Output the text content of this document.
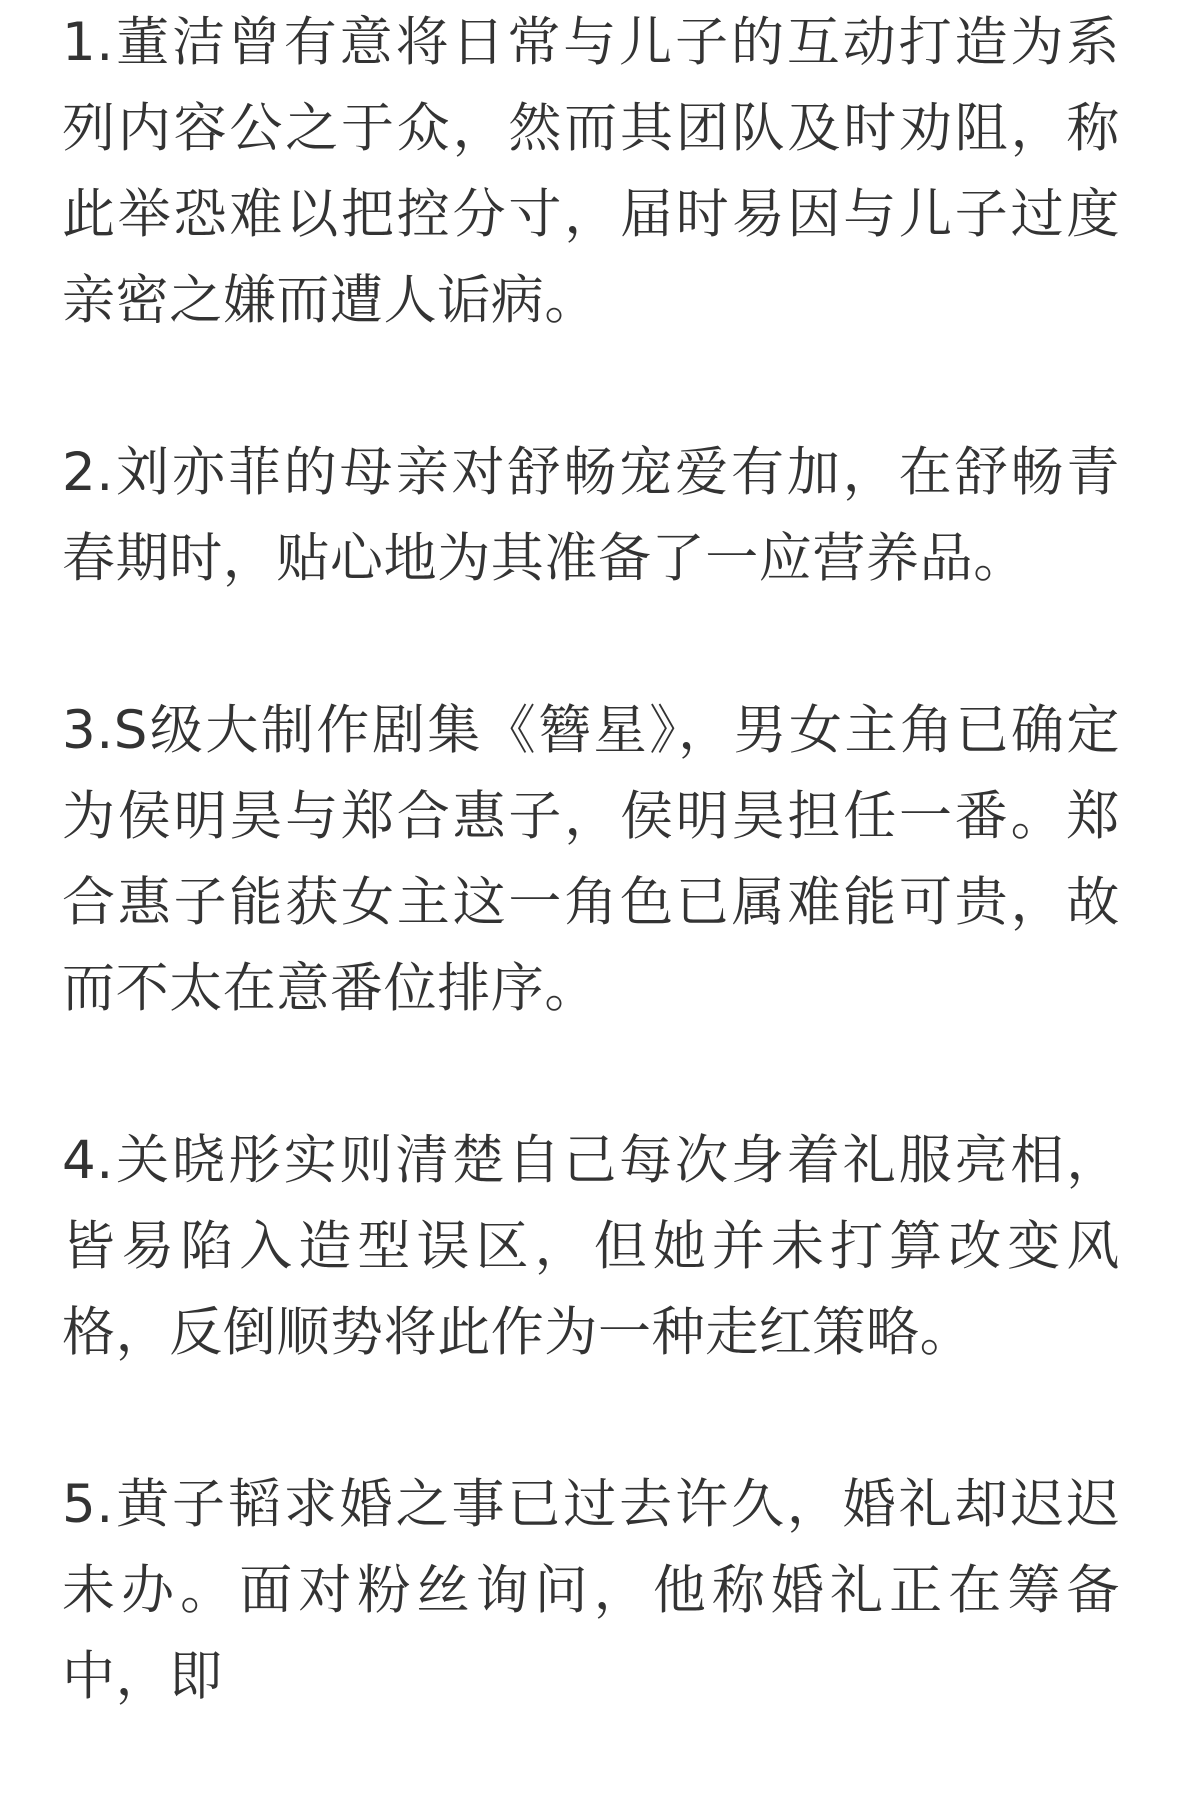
1.董洁曾有意将日常与儿子的互动打造为系列内容公之于众，然而其团队及时劝阻，称此举恐难以把控分寸，届时易因与儿子过度亲密之嫌而遭人诟病。

2.刘亦菲的母亲对舒畅宠爱有加，在舒畅青春期时，贴心地为其准备了一应营养品。

3.S级大制作剧集《簪星》，男女主角已确定为侯明昊与郑合惠子，侯明昊担任一番。郑合惠子能获女主这一角色已属难能可贵，故而不太在意番位排序。

4.关晓彤实则清楚自己每次身着礼服亮相，皆易陷入造型误区，但她并未打算改变风格，反倒顺势将此作为一种走红策略。

5.黄子韬求婚之事已过去许久，婚礼却迟迟未办。面对粉丝询问，他称婚礼正在筹备中，即
